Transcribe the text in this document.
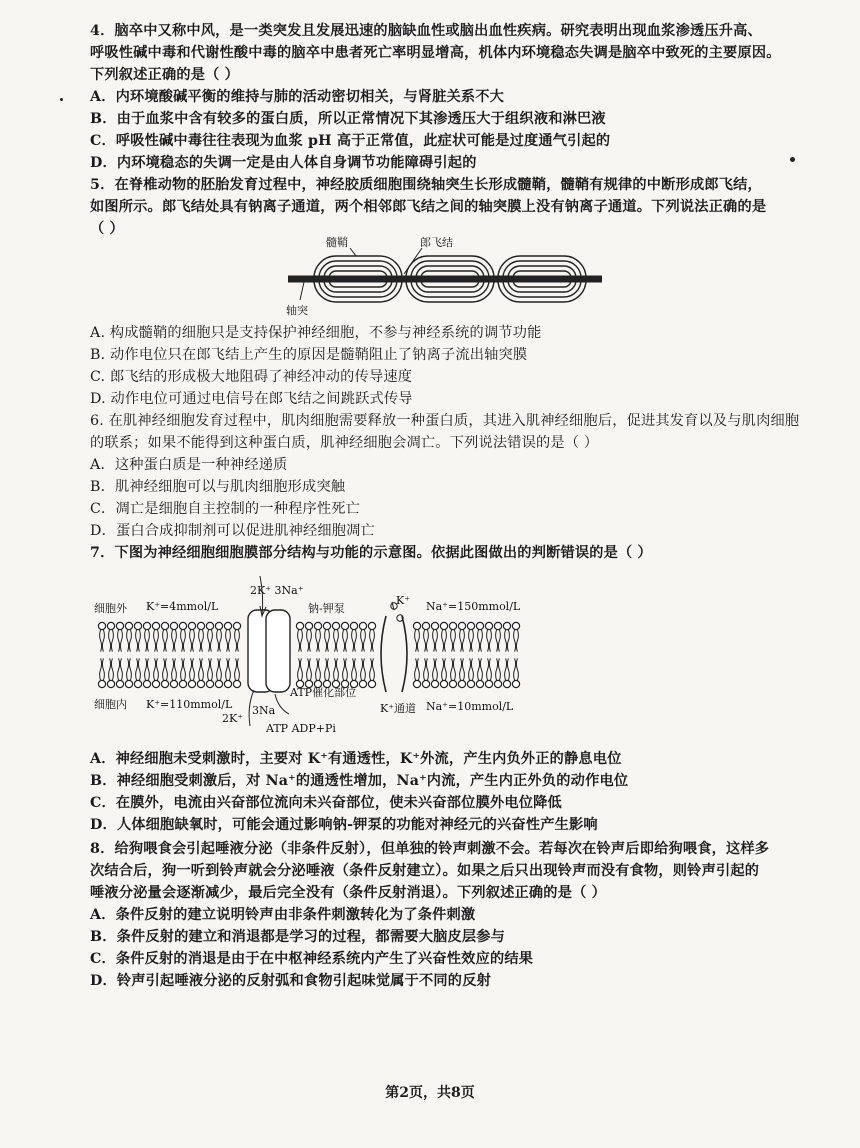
4．脑卒中又称中风，是一类突发且发展迅速的脑缺血性或脑出血性疾病。研究表明出现血浆渗透压升高、
呼吸性碱中毒和代谢性酸中毒的脑卒中患者死亡率明显增高，机体内环境稳态失调是脑卒中致死的主要原因。
下列叙述正确的是（ ）
A．内环境酸碱平衡的维持与肺的活动密切相关，与肾脏关系不大
B．由于血浆中含有较多的蛋白质，所以正常情况下其渗透压大于组织液和淋巴液
C．呼吸性碱中毒往往表现为血浆 pH 高于正常值，此症状可能是过度通气引起的
D．内环境稳态的失调一定是由人体自身调节功能障碍引起的
5．在脊椎动物的胚胎发育过程中，神经胶质细胞围绕轴突生长形成髓鞘，髓鞘有规律的中断形成郎飞结，
如图所示。郎飞结处具有钠离子通道，两个相邻郎飞结之间的轴突膜上没有钠离子通道。下列说法正确的是
（ ）
髓鞘	郎飞结
轴突
A. 构成髓鞘的细胞只是支持保护神经细胞，不参与神经系统的调节功能
B. 动作电位只在郎飞结上产生的原因是髓鞘阻止了钠离子流出轴突膜
C. 郎飞结的形成极大地阻碍了神经冲动的传导速度
D. 动作电位可通过电信号在郎飞结之间跳跃式传导
6. 在肌神经细胞发育过程中，肌肉细胞需要释放一种蛋白质，其进入肌神经细胞后，促进其发育以及与肌肉细胞
的联系；如果不能得到这种蛋白质，肌神经细胞会凋亡。下列说法错误的是（ ）
A．这种蛋白质是一种神经递质
B．肌神经细胞可以与肌肉细胞形成突触
C．凋亡是细胞自主控制的一种程序性死亡
D．蛋白合成抑制剂可以促进肌神经细胞凋亡
7．下图为神经细胞细胞膜部分结构与功能的示意图。依据此图做出的判断错误的是（ ）
细胞外 K⁺=4mmol/L	Na⁺=150mmol/L
2K⁺ 3Na⁺
钠-钾泵
K⁺
细胞内 K⁺=110mmol/L
ATP催化部位
K⁺通道 Na⁺=10mmol/L
2K⁺
3Na
ATP ADP+Pi
A．神经细胞未受刺激时，主要对 K⁺有通透性，K⁺外流，产生内负外正的静息电位
B．神经细胞受刺激后，对 Na⁺的通透性增加，Na⁺内流，产生内正外负的动作电位
C．在膜外，电流由兴奋部位流向未兴奋部位，使未兴奋部位膜外电位降低
D．人体细胞缺氧时，可能会通过影响钠-钾泵的功能对神经元的兴奋性产生影响
8．给狗喂食会引起唾液分泌（非条件反射），但单独的铃声刺激不会。若每次在铃声后即给狗喂食，这样多
次结合后，狗一听到铃声就会分泌唾液（条件反射建立）。如果之后只出现铃声而没有食物，则铃声引起的
唾液分泌量会逐渐减少，最后完全没有（条件反射消退）。下列叙述正确的是（ ）
A．条件反射的建立说明铃声由非条件刺激转化为了条件刺激
B．条件反射的建立和消退都是学习的过程，都需要大脑皮层参与
C．条件反射的消退是由于在中枢神经系统内产生了兴奋性效应的结果
D．铃声引起唾液分泌的反射弧和食物引起味觉属于不同的反射
第2页，共8页
